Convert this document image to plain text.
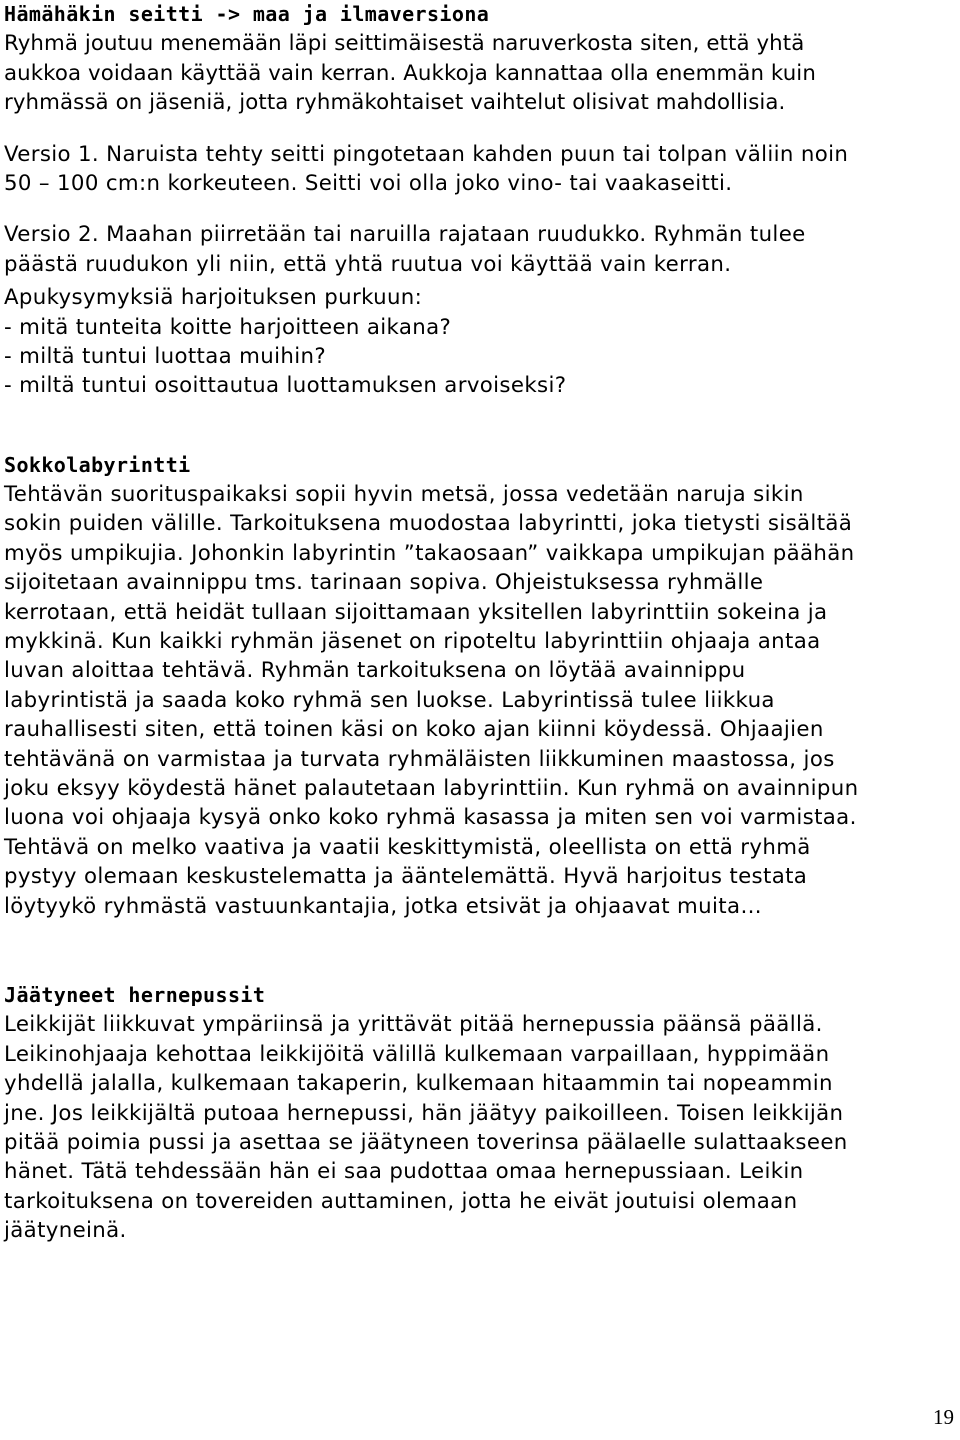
Hämähäkin seitti -> maa ja ilmaversiona
Ryhmä joutuu menemään läpi seittimäisestä naruverkosta siten, että yhtä
aukkoa voidaan käyttää vain kerran. Aukkoja kannattaa olla enemmän kuin
ryhmässä on jäseniä, jotta ryhmäkohtaiset vaihtelut olisivat mahdollisia.
Versio 1. Naruista tehty seitti pingotetaan kahden puun tai tolpan väliin noin
50 – 100 cm:n korkeuteen. Seitti voi olla joko vino- tai vaakaseitti.
Versio 2. Maahan piirretään tai naruilla rajataan ruudukko. Ryhmän tulee
päästä ruudukon yli niin, että yhtä ruutua voi käyttää vain kerran.
Apukysymyksiä harjoituksen purkuun:
- mitä tunteita koitte harjoitteen aikana?
- miltä tuntui luottaa muihin?
- miltä tuntui osoittautua luottamuksen arvoiseksi?
Sokkolabyrintti
Tehtävän suorituspaikaksi sopii hyvin metsä, jossa vedetään naruja sikin
sokin puiden välille. Tarkoituksena muodostaa labyrintti, joka tietysti sisältää
myös umpikujia. Johonkin labyrintin ”takaosaan” vaikkapa umpikujan päähän
sijoitetaan avainnippu tms. tarinaan sopiva. Ohjeistuksessa ryhmälle
kerrotaan, että heidät tullaan sijoittamaan yksitellen labyrinttiin sokeina ja
mykkinä. Kun kaikki ryhmän jäsenet on ripoteltu labyrinttiin ohjaaja antaa
luvan aloittaa tehtävä. Ryhmän tarkoituksena on löytää avainnippu
labyrintistä ja saada koko ryhmä sen luokse. Labyrintissä tulee liikkua
rauhallisesti siten, että toinen käsi on koko ajan kiinni köydessä. Ohjaajien
tehtävänä on varmistaa ja turvata ryhmäläisten liikkuminen maastossa, jos
joku eksyy köydestä hänet palautetaan labyrinttiin. Kun ryhmä on avainnipun
luona voi ohjaaja kysyä onko koko ryhmä kasassa ja miten sen voi varmistaa.
Tehtävä on melko vaativa ja vaatii keskittymistä, oleellista on että ryhmä
pystyy olemaan keskustelematta ja ääntelemättä. Hyvä harjoitus testata
löytyykö ryhmästä vastuunkantajia, jotka etsivät ja ohjaavat muita…
Jäätyneet hernepussit
Leikkijät liikkuvat ympäriinsä ja yrittävät pitää hernepussia päänsä päällä.
Leikinohjaaja kehottaa leikkijöitä välillä kulkemaan varpaillaan, hyppimään
yhdellä jalalla, kulkemaan takaperin, kulkemaan hitaammin tai nopeammin
jne. Jos leikkijältä putoaa hernepussi, hän jäätyy paikoilleen. Toisen leikkijän
pitää poimia pussi ja asettaa se jäätyneen toverinsa päälaelle sulattaakseen
hänet. Tätä tehdessään hän ei saa pudottaa omaa hernepussiaan. Leikin
tarkoituksena on tovereiden auttaminen, jotta he eivät joutuisi olemaan
jäätyneinä.
19
